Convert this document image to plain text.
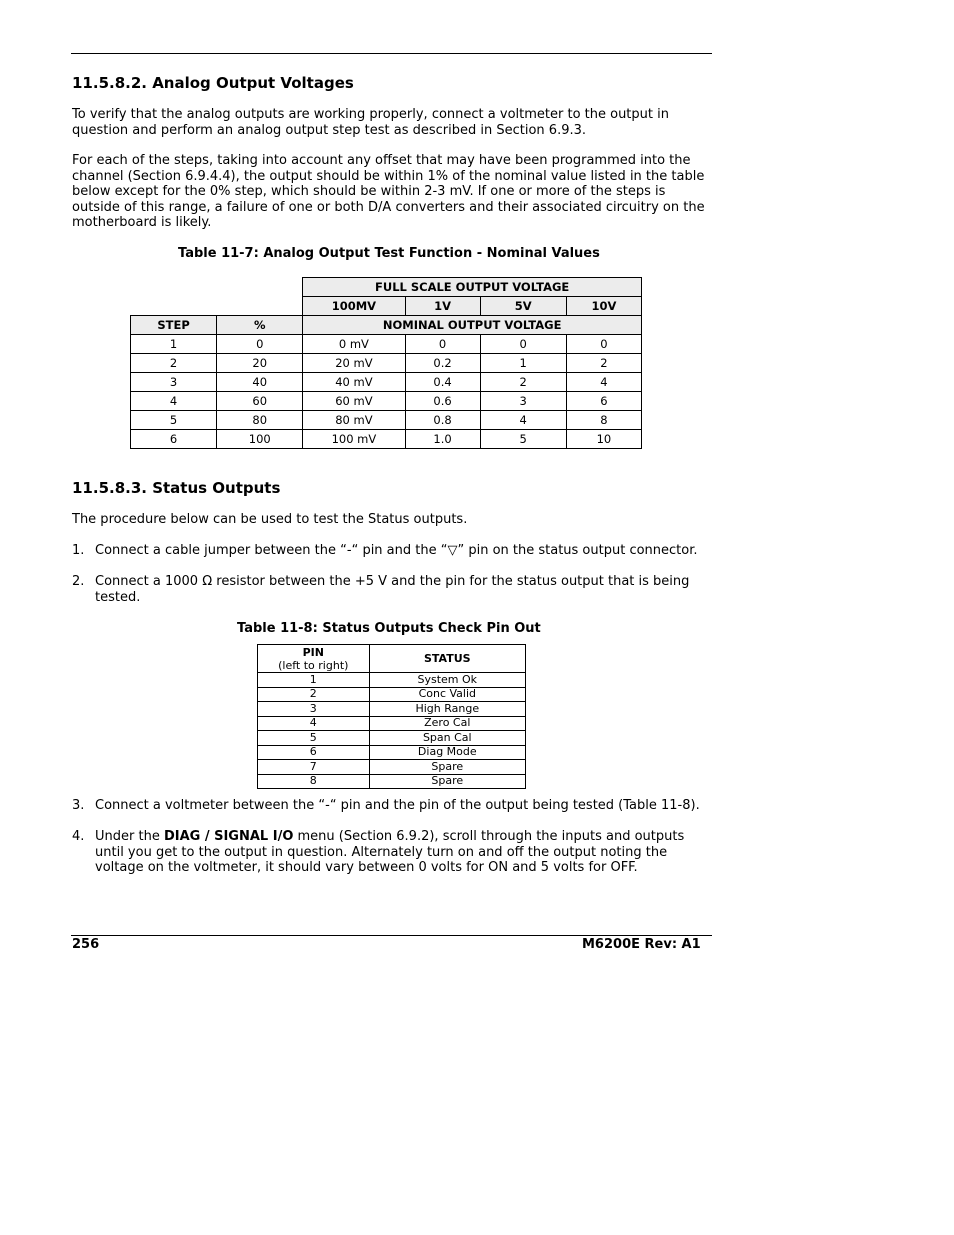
11.5.8.2. Analog Output Voltages

To verify that the analog outputs are working properly, connect a voltmeter to the output in question and perform an analog output step test as described in Section 6.9.3.

For each of the steps, taking into account any offset that may have been programmed into the channel (Section 6.9.4.4), the output should be within 1% of the nominal value listed in the table below except for the 0% step, which should be within 2-3 mV. If one or more of the steps is outside of this range, a failure of one or both D/A converters and their associated circuitry on the motherboard is likely.

Table 11-7: Analog Output Test Function - Nominal Values

		FULL SCALE OUTPUT VOLTAGE			
		100MV	1V	5V	10V
STEP	%	NOMINAL OUTPUT VOLTAGE			
1	0	0 mV	0	0	0
2	20	20 mV	0.2	1	2
3	40	40 mV	0.4	2	4
4	60	60 mV	0.6	3	6
5	80	80 mV	0.8	4	8
6	100	100 mV	1.0	5	10
11.5.8.3. Status Outputs

The procedure below can be used to test the Status outputs.

1. Connect a cable jumper between the “-“ pin and the “▽” pin on the status output connector.
2. Connect a 1000 Ω resistor between the +5 V and the pin for the status output that is being tested.

Table 11-8: Status Outputs Check Pin Out

PIN
(left to right)	STATUS
1	System Ok
2	Conc Valid
3	High Range
4	Zero Cal
5	Span Cal
6	Diag Mode
7	Spare
8	Spare
3. Connect a voltmeter between the “-“ pin and the pin of the output being tested (Table 11-8).
4. Under the DIAG / SIGNAL I/O menu (Section 6.9.2), scroll through the inputs and outputs until you get to the output in question. Alternately turn on and off the output noting the voltage on the voltmeter, it should vary between 0 volts for ON and 5 volts for OFF.

256	M6200E Rev: A1
